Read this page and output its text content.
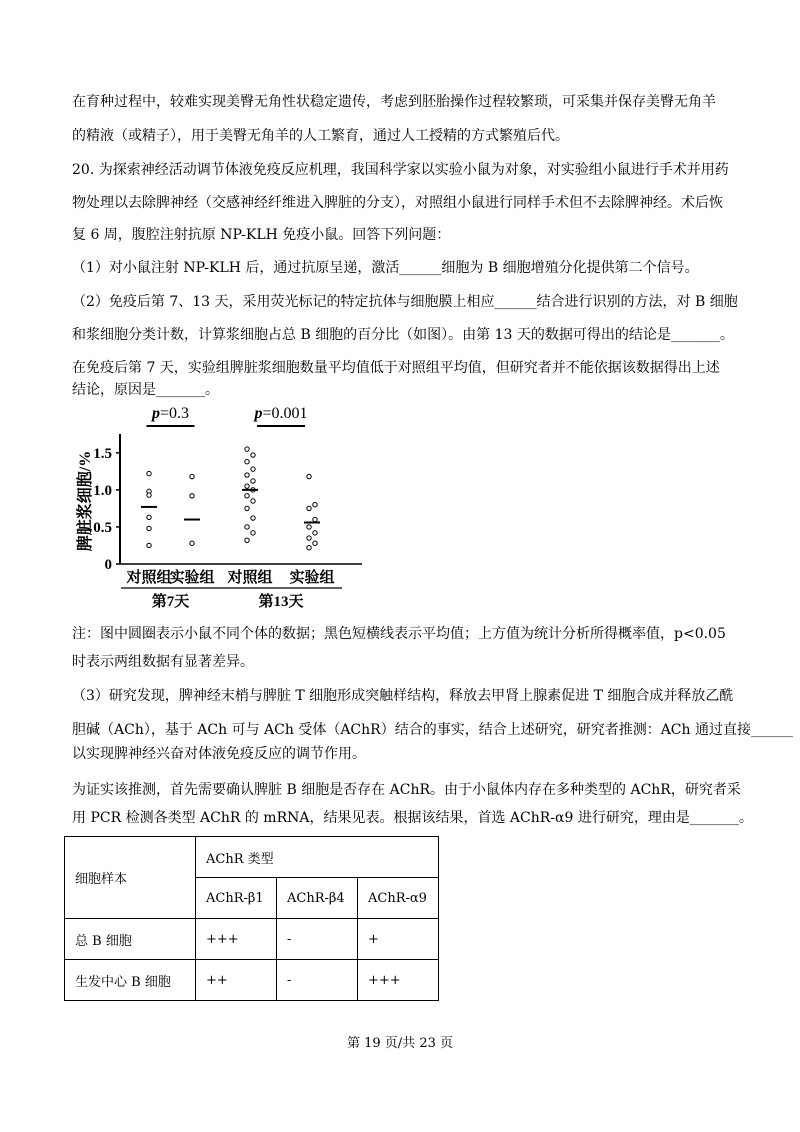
在育种过程中，较难实现美臀无角性状稳定遗传，考虑到胚胎操作过程较繁琐，可采集并保存美臀无角羊
的精液（或精子），用于美臀无角羊的人工繁育，通过人工授精的方式繁殖后代。
20. 为探索神经活动调节体液免疫反应机理，我国科学家以实验小鼠为对象，对实验组小鼠进行手术并用药
物处理以去除脾神经（交感神经纤维进入脾脏的分支），对照组小鼠进行同样手术但不去除脾神经。术后恢
复 6 周，腹腔注射抗原 NP-KLH 免疫小鼠。回答下列问题：
（1）对小鼠注射 NP-KLH 后，通过抗原呈递，激活______细胞为 B 细胞增殖分化提供第二个信号。
（2）免疫后第 7、13 天，采用荧光标记的特定抗体与细胞膜上相应______结合进行识别的方法，对 B 细胞
和浆细胞分类计数，计算浆细胞占总 B 细胞的百分比（如图）。由第 13 天的数据可得出的结论是_______。
在免疫后第 7 天，实验组脾脏浆细胞数量平均值低于对照组平均值，但研究者并不能依据该数据得出上述
结论，原因是_______。
0
0.5
1.0
1.5
脾脏浆细胞/%
对照组
实验组 对照组 实验组
第7天	第13天
p=0.3	p=0.001
注：图中圆圈表示小鼠不同个体的数据；黑色短横线表示平均值；上方值为统计分析所得概率值，p<0.05
时表示两组数据有显著差异。
（3）研究发现，脾神经末梢与脾脏 T 细胞形成突触样结构，释放去甲肾上腺素促进 T 细胞合成并释放乙酰
胆碱（ACh），基于 ACh 可与 ACh 受体（AChR）结合的事实，结合上述研究，研究者推测：ACh 通过直接______
以实现脾神经兴奋对体液免疫反应的调节作用。
为证实该推测，首先需要确认脾脏 B 细胞是否存在 AChR。由于小鼠体内存在多种类型的 AChR，研究者采
用 PCR 检测各类型 AChR 的 mRNA，结果见表。根据该结果，首选 AChR-α9 进行研究，理由是_______。
细胞样本	AChR 类型		
	AChR-β1	AChR-β4	AChR-α9
总 B 细胞	+++	-	+
生发中心 B 细胞	++	-	+++
第 19 页/共 23 页
